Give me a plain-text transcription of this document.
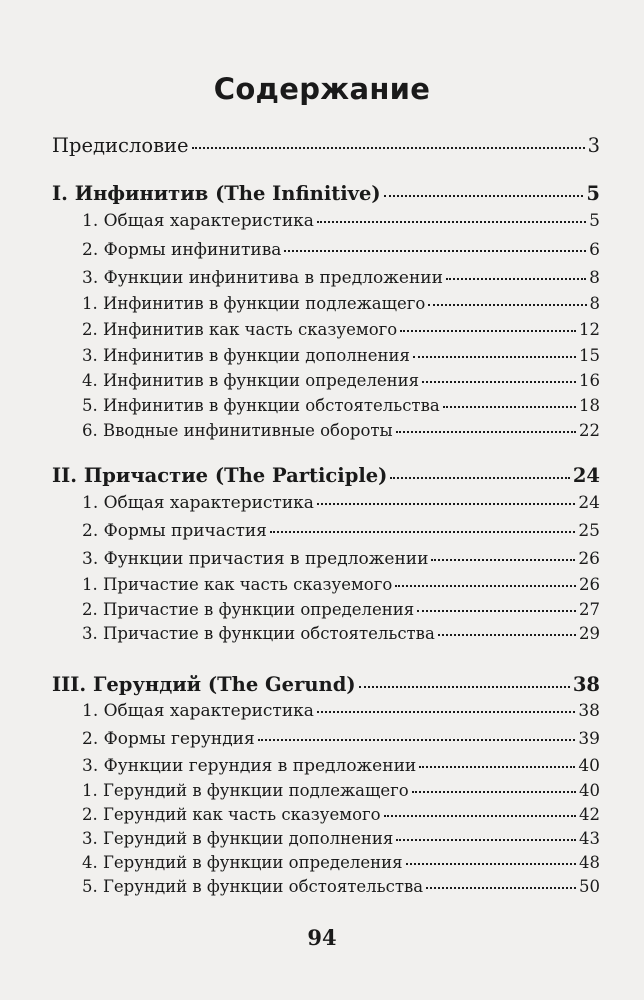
Содержание
Предисловие	3
I. Инфинитив (The Infinitive)	5
1. Общая характеристика	5
2. Формы инфинитива	6
3. Функции инфинитива в предложении	8
1. Инфинитив в функции подлежащего	8
2. Инфинитив как часть сказуемого	12
3. Инфинитив в функции дополнения	15
4. Инфинитив в функции определения	16
5. Инфинитив в функции обстоятельства	18
6. Вводные инфинитивные обороты	22
II. Причастие (The Participle)	24
1. Общая характеристика	24
2. Формы причастия	25
3. Функции причастия в предложении	26
1. Причастие как часть сказуемого	26
2. Причастие в функции определения	27
3. Причастие в функции обстоятельства	29
III. Герундий (The Gerund)	38
1. Общая характеристика	38
2. Формы герундия	39
3. Функции герундия в предложении	40
1. Герундий в функции подлежащего	40
2. Герундий как часть сказуемого	42
3. Герундий в функции дополнения	43
4. Герундий в функции определения	48
5. Герундий в функции обстоятельства	50
94
